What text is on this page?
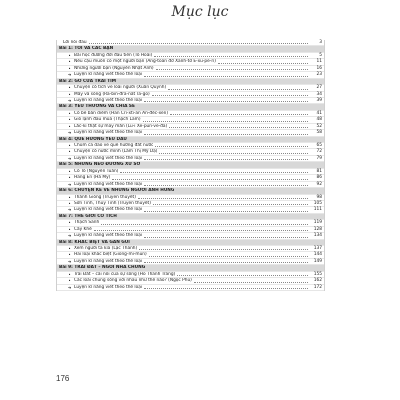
Mục lục
Lời nói đầu	3
Bài 1: TÔI VÀ CÁC BẠN
•
Bài học đường đời đầu tiên (Tô Hoài)	5
•
Nếu cậu muốn có một người bạn (Ăng-toan đơ Xanh-tơ Ê-xu-pe-ri)	11
•
Những người bạn (Nguyễn Nhật Ánh)	16
➔
Luyện kĩ năng viết theo thể loại	23
Bài 2: GÕ CỬA TRÁI TIM
•
Chuyện cổ tích về loài người (Xuân Quỳnh)	27
•
Mây và sóng (Ra-bin-đra-nát Ta-go)	34
➔
Luyện kĩ năng viết theo thể loại	39
Bài 3: YÊU THƯƠNG VÀ CHIA SẺ
•
Cô bé bán diêm (Han Cri-xti-an An-đéc-xen)	41
•
Gió lạnh đầu mùa (Thạch Lam)	48
•
Lắc-ki thật sự may mắn (Lu-i Xe-pun-ve-đa)	52
➔
Luyện kĩ năng viết theo thể loại	58
Bài 4: QUÊ HƯƠNG YÊU DẤU
•
Chùm ca dao về quê hương đất nước	65
•
Chuyện cổ nước mình (Lâm Thị Mỹ Dạ)	72
➔
Luyện kĩ năng viết theo thể loại	79
Bài 5: NHỮNG NẺO ĐƯỜNG XỨ SỞ
•
Cô Tô (Nguyễn Tuân)	81
•
Hang Én (Hà My)	86
➔
Luyện kĩ năng viết theo thể loại	92
Bài 6: CHUYỆN KỂ VỀ NHỮNG NGƯỜI ANH HÙNG
•
Thánh Gióng (Truyền thuyết)	98
•
Sơn Tinh, Thuỷ Tinh (Truyền thuyết)	105
➔
Luyện kĩ năng viết theo thể loại	111
Bài 7: THẾ GIỚI CỔ TÍCH
•
Thạch Sanh	119
•
Cây Khế	128
➔
Luyện kĩ năng viết theo thể loại	134
Bài 8: KHÁC BIỆT VÀ GẦN GŨI
•
Xem người ta kìa (Lạc Thanh)	137
•
Hai loại khác biệt (Giong-mi-mun)	144
➔
Luyện kĩ năng viết theo thể loại	149
Bài 9: TRÁI ĐẤT – NGÔI NHÀ CHUNG
•
Trái Đất – cái nôi của sự sống (Hồ Thanh Trang)	155
•
Các loài chung sống với nhau như thế nào? (Ngọc Phú)	162
➔
Luyện kĩ năng viết theo thể loại	172
176
